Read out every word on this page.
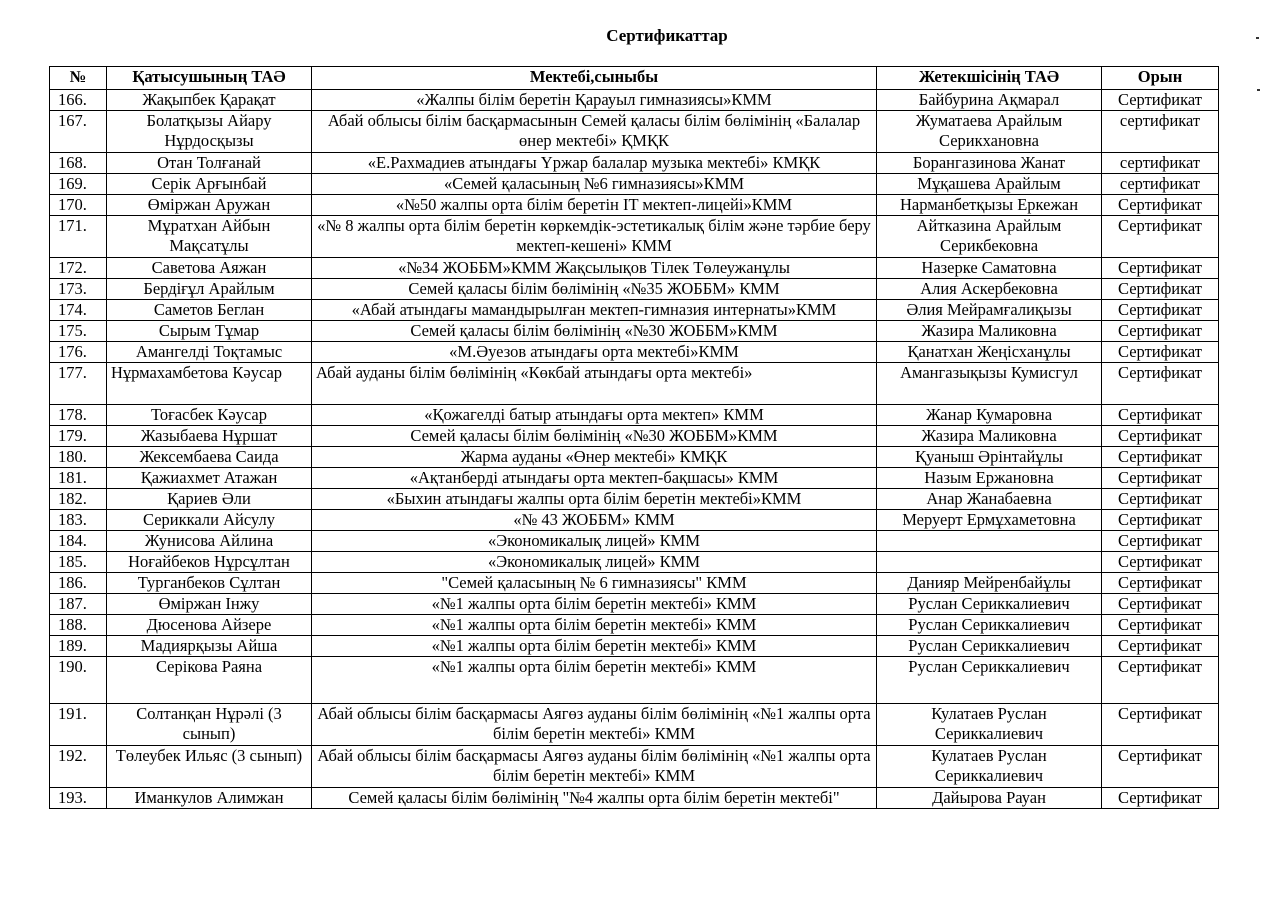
Сертификаттар
№	Қатысушының ТАӘ	Мектебі,сыныбы	Жетекшісінің ТАӘ	Орын
166.	Жақыпбек Қарақат	«Жалпы білім беретін Қарауыл гимназиясы»КММ	Байбурина Ақмарал	Сертификат
167.	Болатқызы Айару Нұрдосқызы	Абай облысы білім басқармасынын Семей қаласы білім бөлімінің «Балалар өнер мектебі» ҚМҚК	Жуматаева Арайлым Серикхановна	сертификат
168.	Отан Толғанай	«Е.Рахмадиев атындағы Үржар балалар музыка мектебі» КМҚК	Борангазинова Жанат	сертификат
169.	Серік Арғынбай	«Семей қаласының №6 гимназиясы»КММ	Мұқашева Арайлым	сертификат
170.	Өміржан Аружан	«№50 жалпы орта білім беретін IT мектеп-лицейі»КММ	Нарманбетқызы Еркежан	Сертификат
171.	Мұратхан Айбын Мақсатұлы	«№ 8 жалпы орта білім беретін көркемдік-эстетикалық білім және тәрбие беру мектеп-кешені» КММ	Айтказина Арайлым Серикбековна	Сертификат
172.	Саветова Аяжан	«№34 ЖОББМ»КММ Жақсылықов Тілек Төлеужанұлы	Назерке Саматовна	Сертификат
173.	Бердіғұл Арайлым	Семей қаласы білім бөлімінің «№35 ЖОББМ» КММ	Алия Аскербековна	Сертификат
174.	Саметов Беглан	«Абай атындағы мамандырылған мектеп-гимназия интернаты»КММ	Әлия Мейрамғалиқызы	Сертификат
175.	Сырым Тұмар	Семей қаласы білім бөлімінің «№30 ЖОББМ»КММ	Жазира Маликовна	Сертификат
176.	Амангелді Тоқтамыс	«М.Әуезов атындағы орта мектебі»КММ	Қанатхан Жеңісханұлы	Сертификат
177.	Нұрмахамбетова Кәусар	Абай ауданы білім бөлімінің «Көкбай атындағы орта мектебі»	Амангазықызы Кумисгул	Сертификат
178.	Тоғасбек Кәусар	«Қожагелді батыр атындағы орта мектеп» КММ	Жанар Кумаровна	Сертификат
179.	Жазыбаева Нұршат	Семей қаласы білім бөлімінің «№30 ЖОББМ»КММ	Жазира Маликовна	Сертификат
180.	Жексембаева Саида	Жарма ауданы «Өнер мектебі» КМҚК	Қуаныш Әрінтайұлы	Сертификат
181.	Қажиахмет Атажан	«Ақтанберді атындағы орта мектеп-бақшасы» КММ	Назым Ержановна	Сертификат
182.	Қариев Әли	«Быхин атындағы жалпы орта білім беретін мектебі»КММ	Анар Жанабаевна	Сертификат
183.	Сериккали Айсулу	«№ 43 ЖОББМ» КММ	Меруерт Ермұхаметовна	Сертификат
184.	Жунисова Айлина	«Экономикалық лицей» КММ		Сертификат
185.	Ноғайбеков Нұрсұлтан	«Экономикалық лицей» КММ		Сертификат
186.	Турганбеков Сұлтан	"Семей қаласының № 6 гимназиясы" КММ	Данияр Мейренбайұлы	Сертификат
187.	Өміржан Інжу	«№1 жалпы орта білім беретін мектебі» КММ	Руслан Сериккалиевич	Сертификат
188.	Дюсенова Айзере	«№1 жалпы орта білім беретін мектебі» КММ	Руслан Сериккалиевич	Сертификат
189.	Мадиярқызы Айша	«№1 жалпы орта білім беретін мектебі» КММ	Руслан Сериккалиевич	Сертификат
190.	Серікова Раяна	«№1 жалпы орта білім беретін мектебі» КММ	Руслан Сериккалиевич	Сертификат
191.	Солтанқан Нұрәлі (3 сынып)	Абай облысы білім басқармасы Аягөз ауданы білім бөлімінің «№1 жалпы орта білім беретін мектебі» КММ	Кулатаев Руслан Сериккалиевич	Сертификат
192.	Төлеубек Ильяс (3 сынып)	Абай облысы білім басқармасы Аягөз ауданы білім бөлімінің «№1 жалпы орта білім беретін мектебі» КММ	Кулатаев Руслан Сериккалиевич	Сертификат
193.	Иманкулов Алимжан	Семей қаласы білім бөлімінің "№4 жалпы орта білім беретін мектебі"	Дайырова Рауан	Сертификат
